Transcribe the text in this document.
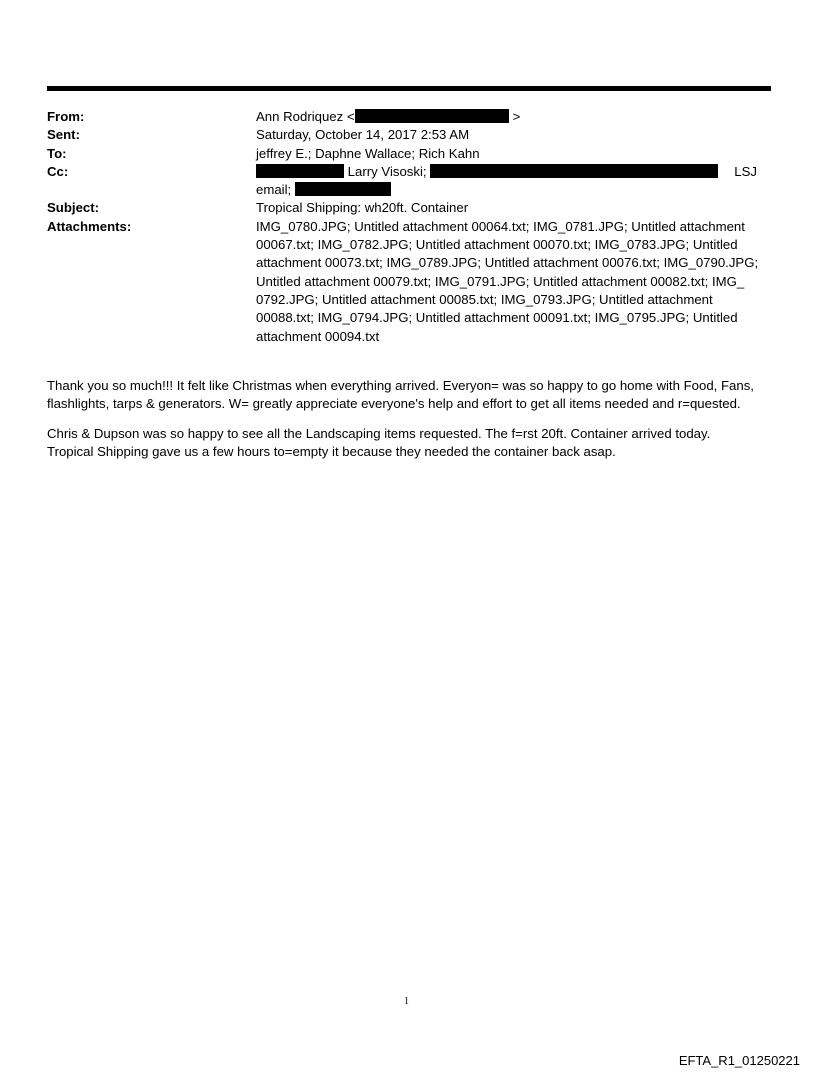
From:	Ann Rodriquez <	>
Sent:	Saturday, October 14, 2017 2:53 AM
To:	jeffrey E.; Daphne Wallace; Rich Kahn
Cc:	Larry Visoski;	LSJ
email;
Subject:	Tropical Shipping: wh20ft. Container
Attachments:	IMG_0780.JPG; Untitled attachment 00064.txt; IMG_0781.JPG; Untitled attachment
00067.txt; IMG_0782.JPG; Untitled attachment 00070.txt; IMG_0783.JPG; Untitled
attachment 00073.txt; IMG_0789.JPG; Untitled attachment 00076.txt; IMG_0790.JPG;
Untitled attachment 00079.txt; IMG_0791.JPG; Untitled attachment 00082.txt; IMG_
0792.JPG; Untitled attachment 00085.txt; IMG_0793.JPG; Untitled attachment
00088.txt; IMG_0794.JPG; Untitled attachment 00091.txt; IMG_0795.JPG; Untitled
attachment 00094.txt

Thank you so much!!! It felt like Christmas when everything arrived. Everyon= was so happy to go home with Food, Fans,
flashlights, tarps & generators. W= greatly appreciate everyone's help and effort to get all items needed and r=quested.

Chris & Dupson was so happy to see all the Landscaping items requested. The f=rst 20ft. Container arrived today.
Tropical Shipping gave us a few hours to=empty it because they needed the container back asap.

1
EFTA_R1_01250221
